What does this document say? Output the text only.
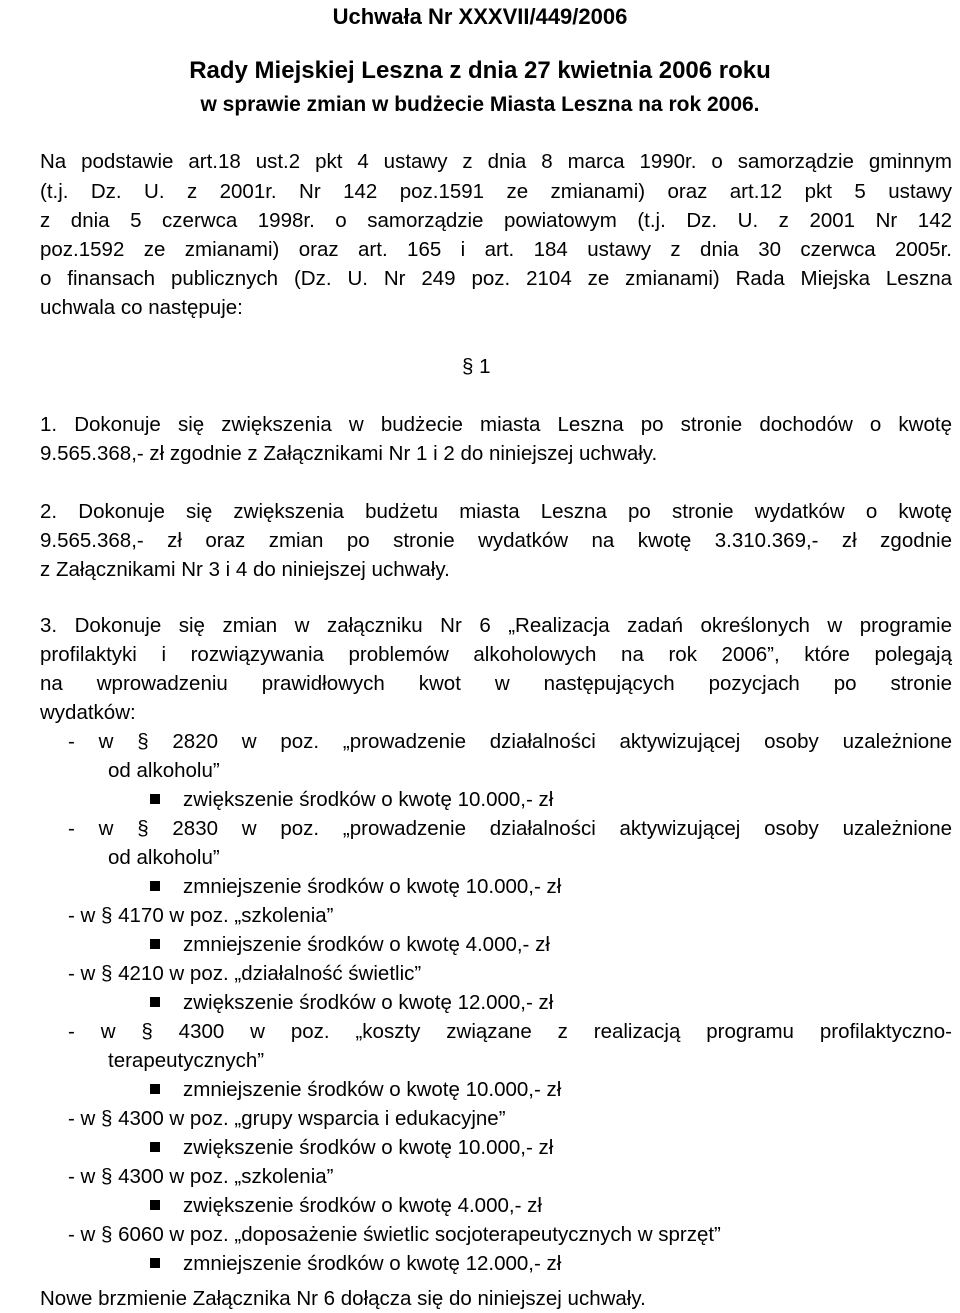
Uchwała Nr XXXVII/449/2006
Rady Miejskiej Leszna z dnia 27 kwietnia 2006 roku
w sprawie zmian w budżecie Miasta Leszna na rok 2006.
Na podstawie art.18 ust.2 pkt 4 ustawy z dnia 8 marca 1990r. o samorządzie gminnym
(t.j. Dz. U. z 2001r. Nr 142 poz.1591 ze zmianami) oraz art.12 pkt 5 ustawy
z dnia 5 czerwca 1998r. o samorządzie powiatowym (t.j. Dz. U. z 2001 Nr 142
poz.1592 ze zmianami) oraz art. 165 i art. 184 ustawy z dnia 30 czerwca 2005r.
o finansach publicznych (Dz. U. Nr 249 poz. 2104 ze zmianami) Rada Miejska Leszna
uchwala co następuje:
§ 1
1. Dokonuje się zwiększenia w budżecie miasta Leszna po stronie dochodów o kwotę
9.565.368,- zł zgodnie z Załącznikami Nr 1 i 2 do niniejszej uchwały.
2. Dokonuje się zwiększenia budżetu miasta Leszna po stronie wydatków o kwotę
9.565.368,- zł oraz zmian po stronie wydatków na kwotę 3.310.369,- zł zgodnie
z Załącznikami Nr 3 i 4 do niniejszej uchwały.
3. Dokonuje się zmian w załączniku Nr 6 „Realizacja zadań określonych w programie
profilaktyki i rozwiązywania problemów alkoholowych na rok 2006”, które polegają
na wprowadzeniu prawidłowych kwot w następujących pozycjach po stronie
wydatków:
- w § 2820 w poz. „prowadzenie działalności aktywizującej osoby uzależnione
od alkoholu”
zwiększenie środków o kwotę 10.000,- zł
- w § 2830 w poz. „prowadzenie działalności aktywizującej osoby uzależnione
od alkoholu”
zmniejszenie środków o kwotę 10.000,- zł
- w § 4170 w poz. „szkolenia”
zmniejszenie środków o kwotę 4.000,- zł
- w § 4210 w poz. „działalność świetlic”
zwiększenie środków o kwotę 12.000,- zł
- w § 4300 w poz. „koszty związane z realizacją programu profilaktyczno-
terapeutycznych”
zmniejszenie środków o kwotę 10.000,- zł
- w § 4300 w poz. „grupy wsparcia i edukacyjne”
zwiększenie środków o kwotę 10.000,- zł
- w § 4300 w poz. „szkolenia”
zwiększenie środków o kwotę 4.000,- zł
- w § 6060 w poz. „doposażenie świetlic socjoterapeutycznych w sprzęt”
zmniejszenie środków o kwotę 12.000,- zł
Nowe brzmienie Załącznika Nr 6 dołącza się do niniejszej uchwały.
